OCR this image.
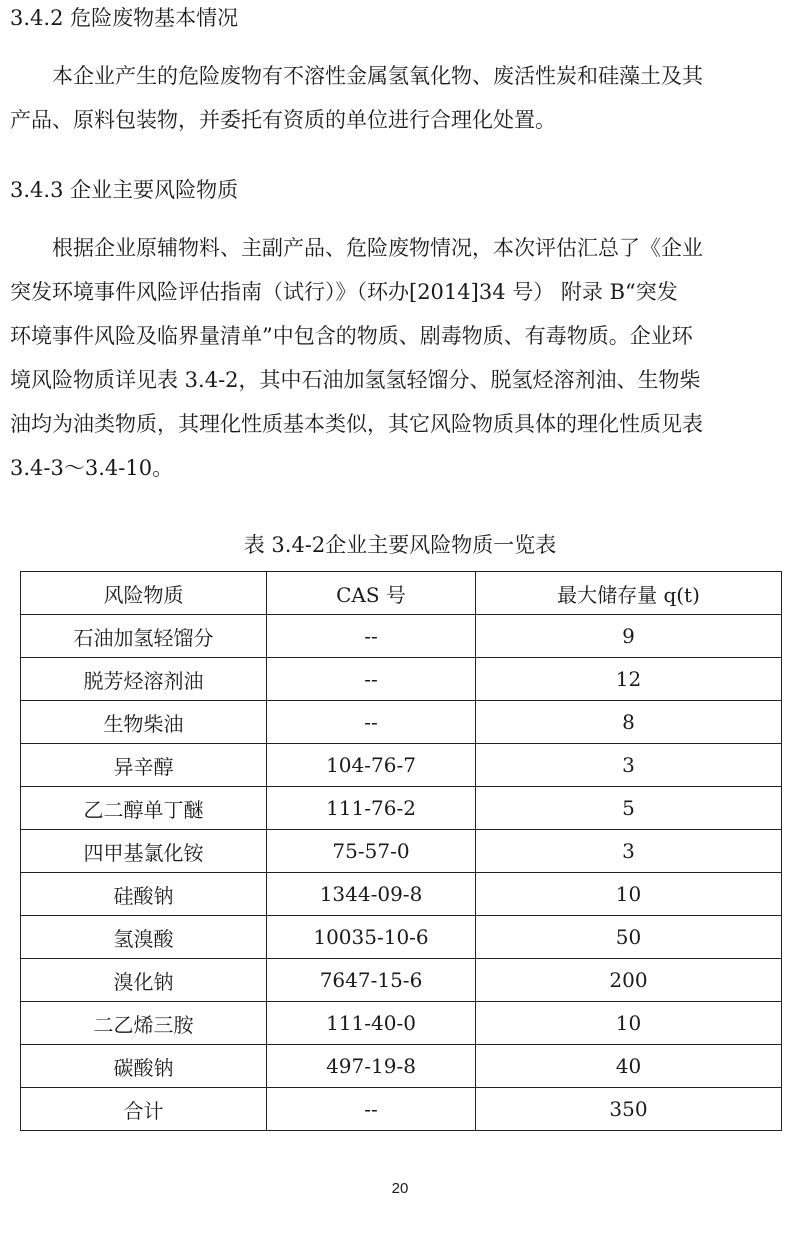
3.4.2 危险废物基本情况
　　本企业产生的危险废物有不溶性金属氢氧化物、废活性炭和硅藻土及其
产品、原料包装物，并委托有资质的单位进行合理化处置。
3.4.3 企业主要风险物质
　　根据企业原辅物料、主副产品、危险废物情况，本次评估汇总了《企业
突发环境事件风险评估指南（试行）》（环办[2014]34 号） 附录 B“突发
环境事件风险及临界量清单”中包含的物质、剧毒物质、有毒物质。企业环
境风险物质详见表 3.4-2，其中石油加氢氢轻馏分、脱氢烃溶剂油、生物柴
油均为油类物质，其理化性质基本类似，其它风险物质具体的理化性质见表
3.4-3～3.4-10。
表 3.4-2企业主要风险物质一览表
风险物质	CAS 号	最大储存量 q(t)
石油加氢轻馏分	--	9
脱芳烃溶剂油	--	12
生物柴油	--	8
异辛醇	104-76-7	3
乙二醇单丁醚	111-76-2	5
四甲基氯化铵	75-57-0	3
硅酸钠	1344-09-8	10
氢溴酸	10035-10-6	50
溴化钠	7647-15-6	200
二乙烯三胺	111-40-0	10
碳酸钠	497-19-8	40
合计	--	350
20
